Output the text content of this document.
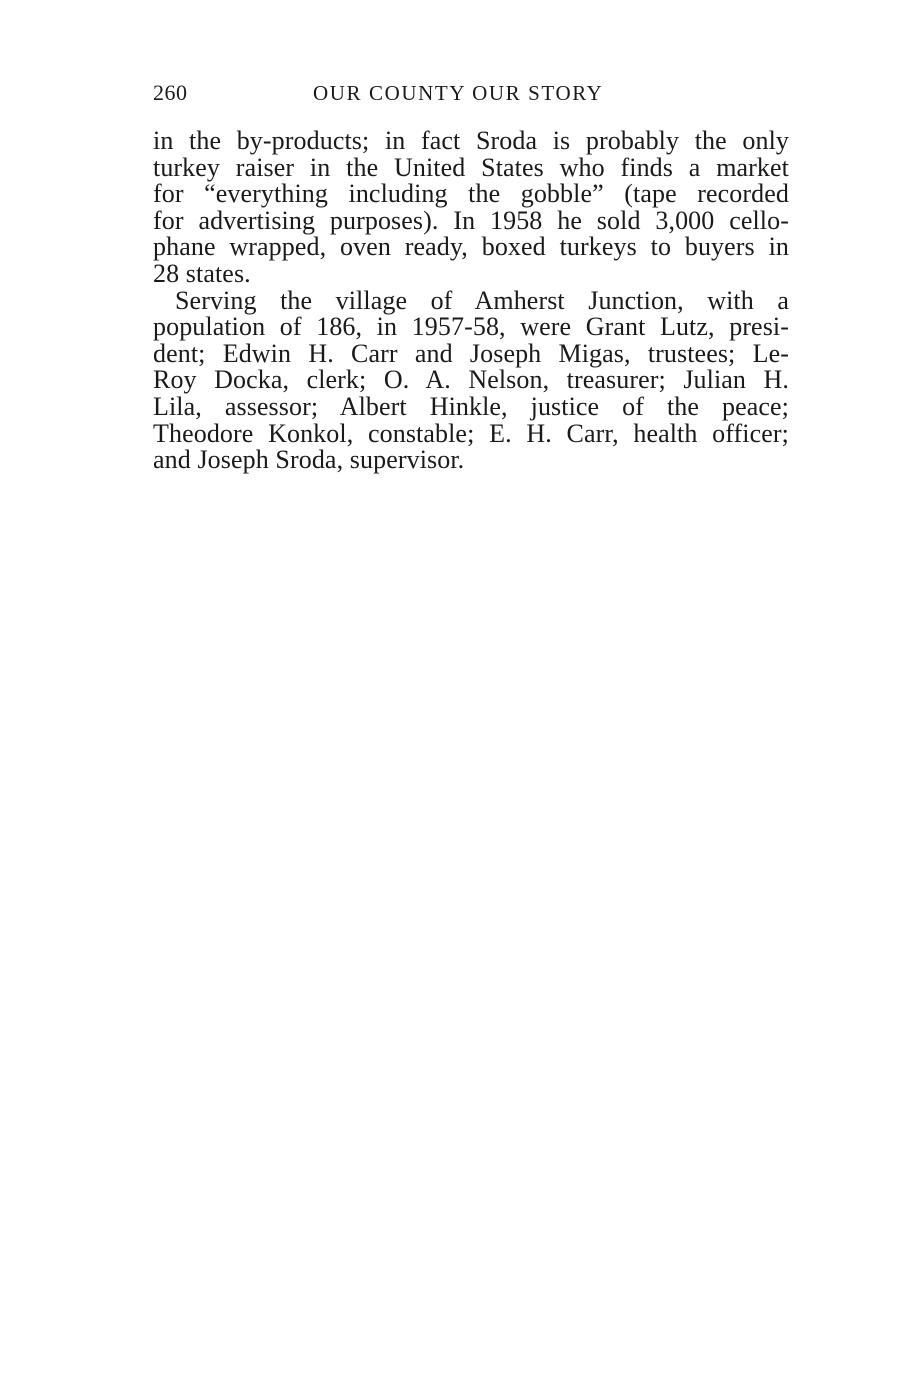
260	OUR COUNTY OUR STORY
in the by-products; in fact Sroda is probably the only
turkey raiser in the United States who finds a market
for “everything including the gobble” (tape recorded
for advertising purposes). In 1958 he sold 3,000 cello-
phane wrapped, oven ready, boxed turkeys to buyers in
28 states.
Serving the village of Amherst Junction, with a
population of 186, in 1957-58, were Grant Lutz, presi-
dent; Edwin H. Carr and Joseph Migas, trustees; Le-
Roy Docka, clerk; O. A. Nelson, treasurer; Julian H.
Lila, assessor; Albert Hinkle, justice of the peace;
Theodore Konkol, constable; E. H. Carr, health officer;
and Joseph Sroda, supervisor.
